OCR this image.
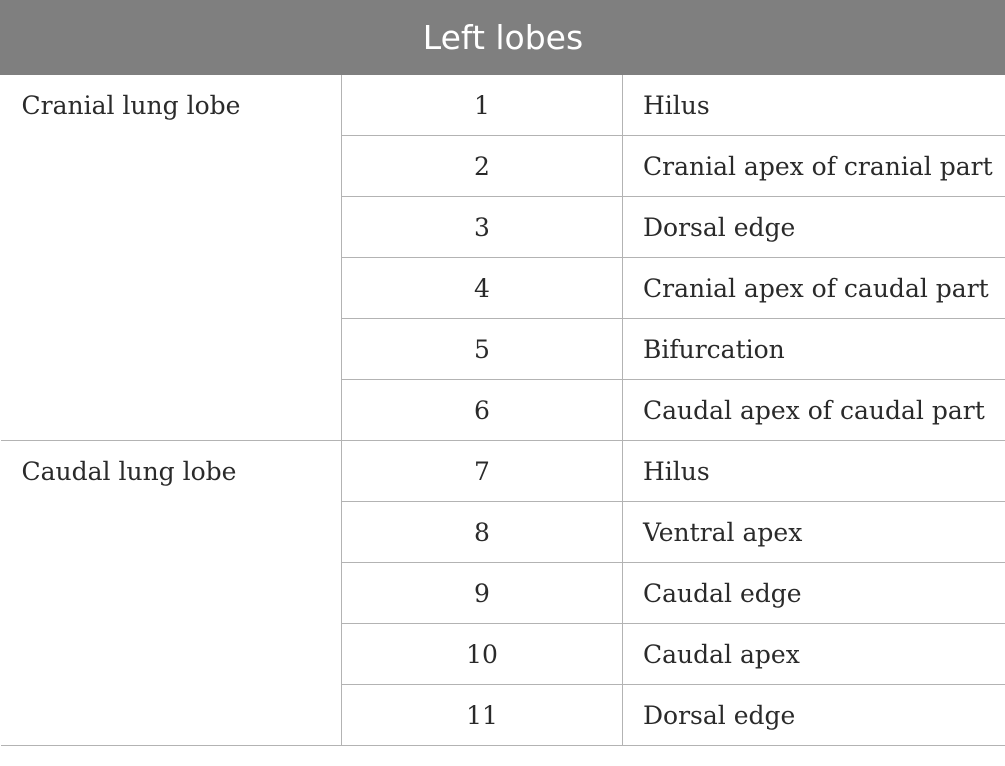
Left lobes		
Cranial lung lobe	1	Hilus
	2	Cranial apex of cranial part
	3	Dorsal edge
	4	Cranial apex of caudal part
	5	Bifurcation
	6	Caudal apex of caudal part
Caudal lung lobe	7	Hilus
	8	Ventral apex
	9	Caudal edge
	10	Caudal apex
	11	Dorsal edge
